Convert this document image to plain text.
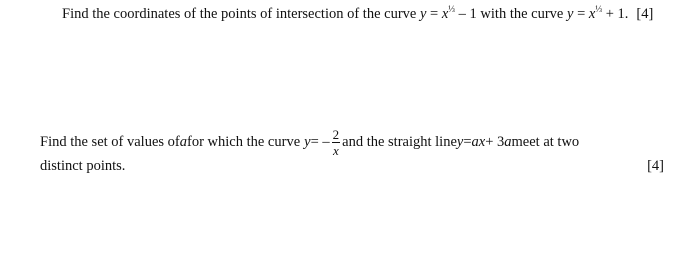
Find the coordinates of the points of intersection of the curve $y = x^{\frac{1}{3}} - 1$ with the curve $y = x^{\frac{1}{3}} + 1$. [4]
Find the set of values of a for which the curve y = – $\frac{2}{x}$ and the straight line y = ax + 3 a meet at two
distinct points.	[4]
